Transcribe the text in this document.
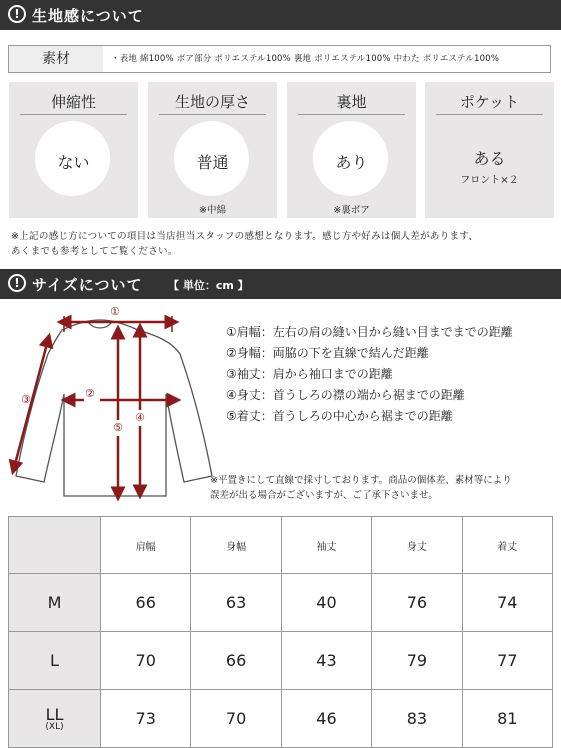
! 生地感について
素材	・表地 綿100% ボア部分 ポリエステル100% 裏地 ポリエステル100% 中わた ポリエステル100%
伸縮性
ない
生地の厚さ
普通
※中綿
裏地
あり
※裏ボア
ポケット
ある
フロント×２
※上記の感じ方についての項目は当店担当スタッフの感想となります。感じ方や好みは個人差があります、
あくまでも参考としてご覧ください。
! サイズについて 【 単位：cm 】
①
②
③
④
⑤
①肩幅：左右の肩の縫い目から縫い目までまでの距離
②身幅：両脇の下を直線で結んだ距離
③袖丈：肩から袖口までの距離
④身丈：首うしろの襟の端から裾までの距離
⑤着丈：首うしろの中心から裾までの距離
※平置きにして直線で採寸しております。商品の個体差、素材等により
誤差が出る場合がございますが、ご了承下さいませ。
	肩幅	身幅	袖丈	身丈	着丈
M	66	63	40	76	74
L	70	66	43	79	77
LL
(XL)	73	70	46	83	81
